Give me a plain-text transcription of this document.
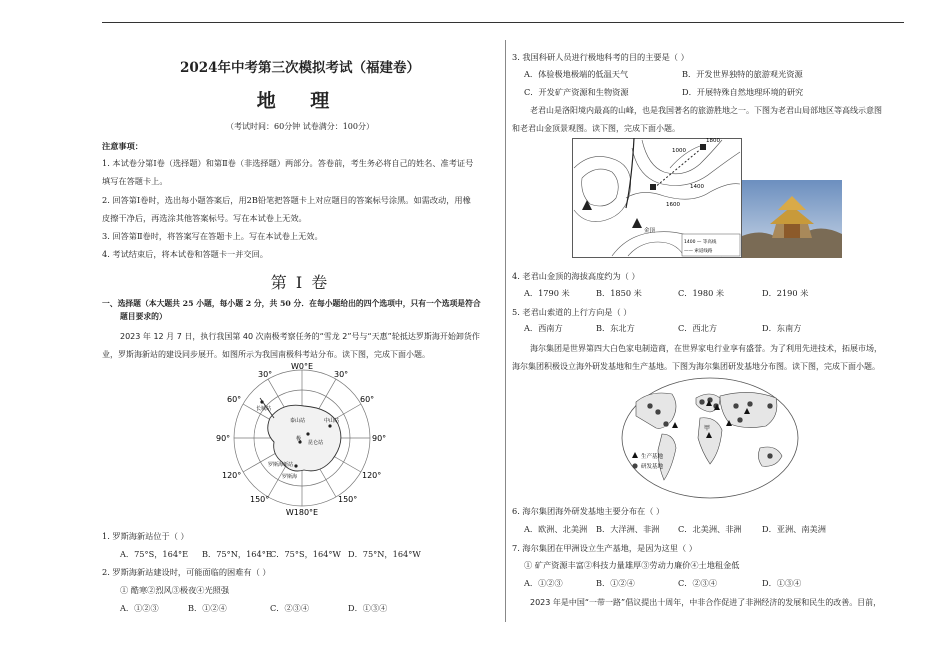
2024年中考第三次模拟考试（福建卷）
地 理
（考试时间：60分钟 试卷满分：100分）
注意事项：
1. 本试卷分第Ⅰ卷（选择题）和第Ⅱ卷（非选择题）两部分。答卷前，考生务必将自己的姓名、准考证号
填写在答题卡上。
2. 回答第Ⅰ卷时，选出每小题答案后，用2B铅笔把答题卡上对应题目的答案标号涂黑。如需改动，用橡
皮擦干净后，再选涂其他答案标号。写在本试卷上无效。
3. 回答第Ⅱ卷时，将答案写在答题卡上。写在本试卷上无效。
4. 考试结束后，将本试卷和答题卡一并交回。
第 I 卷
一、选择题（本大题共 25 小题，每小题 2 分，共 50 分．在每小题给出的四个选项中，只有一个选项是符合
题目要求的）
2023 年 12 月 7 日，执行我国第 40 次南极考察任务的“雪龙 2”号与“天惠”轮抵达罗斯海开始卸货作
业，罗斯海新站的建设同步展开。如图所示为我国南极科考站分布。读下图，完成下面小题。
W0°E
W180°E
30°	30°
60°	60°
90°	90°
120°	120°
150°	150°
长城站
中山站
泰山站
昆仑站
极
罗斯海新站
罗斯海
1. 罗斯海新站位于（ ）
A．75°S，164°E B．75°N，164°E
C．75°S，164°W D．75°N，164°W
2. 罗斯海新站建设时，可能面临的困难有（ ）
① 酷寒②烈风③极夜④光照强
A．①②③	B．①②④	C．②③④	D．①③④
3. 我国科研人员进行极地科考的目的主要是（ ）
A．体验极地极端的低温天气	B．开发世界独特的旅游观光资源
C．开发矿产资源和生物资源	D．开展特殊自然地理环境的研究
老君山是洛阳境内最高的山峰，也是我国著名的旅游胜地之一。下图为老君山局部地区等高线示意图
和老君山金顶景观图。读下图，完成下面小题。
1000
1400
1600
1800
金顶
1400 — 等高线
—— 索道线路
4. 老君山金顶的海拔高度约为（ ）
A．1790 米	B．1850 米	C．1980 米	D．2190 米
5. 老君山索道的上行方向是（ ）
A．西南方	B．东北方	C．西北方	D．东南方
海尔集团是世界第四大白色家电制造商，在世界家电行业享有盛誉。为了利用先进技术，拓展市场，
海尔集团积极设立海外研发基地和生产基地。下图为海尔集团研发基地分布图。读下图，完成下面小题。
甲
生产基地
研发基地
6. 海尔集团海外研发基地主要分布在（ ）
A．欧洲、北美洲 B．大洋洲、非洲 C．北美洲、非洲 D．亚洲、南美洲
7. 海尔集团在甲洲设立生产基地，是因为这里（ ）
① 矿产资源丰富②科技力量雄厚③劳动力廉价④土地租金低
A．①②③	B．①②④	C．②③④	D．①③④
2023 年是中国“一带一路”倡议提出十周年，中非合作促进了非洲经济的发展和民生的改善。目前，
